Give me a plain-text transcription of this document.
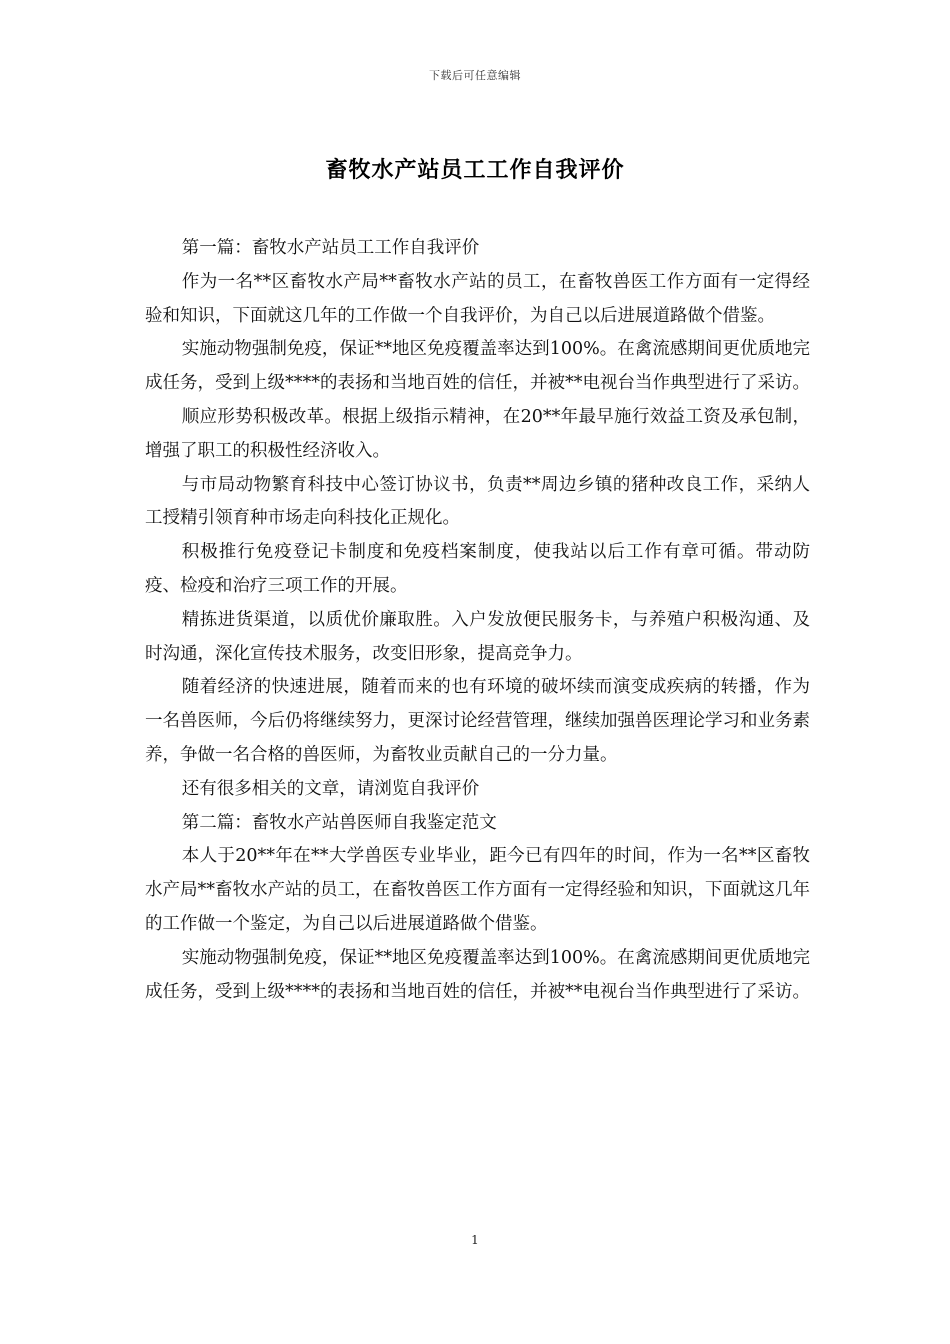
下载后可任意编辑
畜牧水产站员工工作自我评价

第一篇：畜牧水产站员工工作自我评价

作为一名**区畜牧水产局**畜牧水产站的员工，在畜牧兽医工作方面有一定得经验和知识，下面就这几年的工作做一个自我评价，为自己以后进展道路做个借鉴。

实施动物强制免疫，保证**地区免疫覆盖率达到100%。在禽流感期间更优质地完成任务，受到上级****的表扬和当地百姓的信任，并被**电视台当作典型进行了采访。

顺应形势积极改革。根据上级指示精神，在20**年最早施行效益工资及承包制，增强了职工的积极性经济收入。

与市局动物繁育科技中心签订协议书，负责**周边乡镇的猪种改良工作，采纳人工授精引领育种市场走向科技化正规化。

积极推行免疫登记卡制度和免疫档案制度，使我站以后工作有章可循。带动防疫、检疫和治疗三项工作的开展。

精拣进货渠道，以质优价廉取胜。入户发放便民服务卡，与养殖户积极沟通、及时沟通，深化宣传技术服务，改变旧形象，提高竞争力。

随着经济的快速进展，随着而来的也有环境的破坏续而演变成疾病的转播，作为一名兽医师，今后仍将继续努力，更深讨论经营管理，继续加强兽医理论学习和业务素养，争做一名合格的兽医师，为畜牧业贡献自己的一分力量。

还有很多相关的文章，请浏览自我评价

第二篇：畜牧水产站兽医师自我鉴定范文

本人于20**年在**大学兽医专业毕业，距今已有四年的时间，作为一名**区畜牧水产局**畜牧水产站的员工，在畜牧兽医工作方面有一定得经验和知识，下面就这几年的工作做一个鉴定，为自己以后进展道路做个借鉴。

实施动物强制免疫，保证**地区免疫覆盖率达到100%。在禽流感期间更优质地完成任务，受到上级****的表扬和当地百姓的信任，并被**电视台当作典型进行了采访。

1
